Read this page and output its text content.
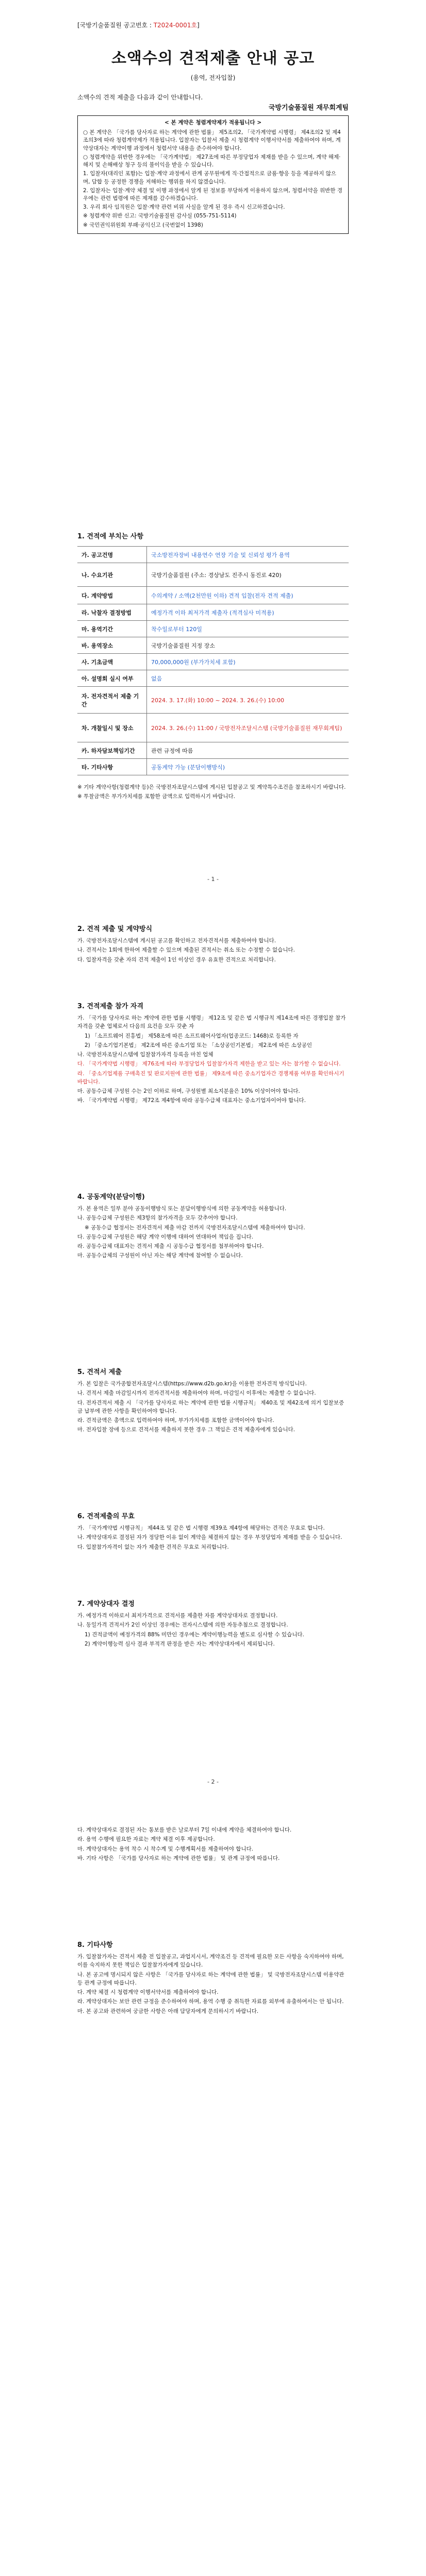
[국방기술품질원 공고번호 : T2024-0001호]
소액수의 견적제출 안내 공고
(용역, 전자입찰)
소액수의 견적 제출을 다음과 같이 안내합니다.
국방기술품질원 재무회계팀
< 본 계약은 청렴계약제가 적용됩니다 >
○ 본 계약은 「국가를 당사자로 하는 계약에 관한 법률」 제5조의2, 「국가계약법 시행령」 제4조의2 및 제4조의3에 따라 청렴계약제가 적용됩니다. 입찰자는 입찰서 제출 시 청렴계약 이행서약서를 제출하여야 하며, 계약상대자는 계약이행 과정에서 청렴서약 내용을 준수하여야 합니다.
○ 청렴계약을 위반한 경우에는 「국가계약법」 제27조에 따른 부정당업자 제재를 받을 수 있으며, 계약 해제·해지 및 손해배상 청구 등의 불이익을 받을 수 있습니다.
1. 입찰자(대리인 포함)는 입찰·계약 과정에서 관계 공무원에게 직·간접적으로 금품·향응 등을 제공하지 않으며, 담합 등 공정한 경쟁을 저해하는 행위를 하지 않겠습니다.
2. 입찰자는 입찰·계약 체결 및 이행 과정에서 알게 된 정보를 부당하게 이용하지 않으며, 청렴서약을 위반한 경우에는 관련 법령에 따른 제재를 감수하겠습니다.
3. 우리 회사 임직원은 입찰·계약 관련 비위 사실을 알게 된 경우 즉시 신고하겠습니다.
※ 청렴계약 위반 신고: 국방기술품질원 감사실 (055-751-5114)
※ 국민권익위원회 부패·공익신고 (국번없이 1398)
1. 견적에 부치는 사항
가. 공고건명	국소방전자장비 내용연수 연장 기술 및 신뢰성 평가 용역
나. 수요기관	국방기술품질원 (주소: 경상남도 진주시 동진로 420)
다. 계약방법	수의계약 / 소액(2천만원 이하) 견적 입찰(전자 견적 제출)
라. 낙찰자 결정방법	예정가격 이하 최저가격 제출자 (적격심사 미적용)
마. 용역기간	착수일로부터 120일
바. 용역장소	국방기술품질원 지정 장소
사. 기초금액	70,000,000원 (부가가치세 포함)
아. 설명회 실시 여부	없음
자. 전자견적서 제출 기간	2024. 3. 17.(화) 10:00 ~ 2024. 3. 26.(수) 10:00
차. 개찰일시 및 장소	2024. 3. 26.(수) 11:00 / 국방전자조달시스템 (국방기술품질원 재무회계팀)
카. 하자담보책임기간	관련 규정에 따름
타. 기타사항	공동계약 가능 (분담이행방식)

※ 기타 계약사항(청렴계약 등)은 국방전자조달시스템에 게시된 입찰공고 및 계약특수조건을 참조하시기 바랍니다.

※ 투찰금액은 부가가치세를 포함한 금액으로 입력하시기 바랍니다.

- 1 -
2. 견적 제출 및 계약방식

가. 국방전자조달시스템에 게시된 공고를 확인하고 전자견적서를 제출하여야 합니다.

나. 견적서는 1회에 한하여 제출할 수 있으며 제출된 견적서는 취소 또는 수정할 수 없습니다.

다. 입찰자격을 갖춘 자의 견적 제출이 1인 이상인 경우 유효한 견적으로 처리합니다.

3. 견적제출 참가 자격

가. 「국가를 당사자로 하는 계약에 관한 법률 시행령」 제12조 및 같은 법 시행규칙 제14조에 따른 경쟁입찰 참가자격을 갖춘 업체로서 다음의 요건을 모두 갖춘 자

1) 「소프트웨어 진흥법」 제58조에 따른 소프트웨어사업자(업종코드: 1468)로 등록한 자

2) 「중소기업기본법」 제2조에 따른 중소기업 또는 「소상공인기본법」 제2조에 따른 소상공인

나. 국방전자조달시스템에 입찰참가자격 등록을 마친 업체

다. 「국가계약법 시행령」 제76조에 따라 부정당업자 입찰참가자격 제한을 받고 있는 자는 참가할 수 없습니다.

라. 「중소기업제품 구매촉진 및 판로지원에 관한 법률」 제9조에 따른 중소기업자간 경쟁제품 여부를 확인하시기 바랍니다.

마. 공동수급체 구성원 수는 2인 이하로 하며, 구성원별 최소지분율은 10% 이상이어야 합니다.

바. 「국가계약법 시행령」 제72조 제4항에 따라 공동수급체 대표자는 중소기업자이어야 합니다.

4. 공동계약(분담이행)

가. 본 용역은 일부 분야 공동이행방식 또는 분담이행방식에 의한 공동계약을 허용합니다.

나. 공동수급체 구성원은 제3항의 참가자격을 모두 갖추어야 합니다.

※ 공동수급 협정서는 전자견적서 제출 마감 전까지 국방전자조달시스템에 제출하여야 합니다.

다. 공동수급체 구성원은 해당 계약 이행에 대하여 연대하여 책임을 집니다.

라. 공동수급체 대표자는 견적서 제출 시 공동수급 협정서를 첨부하여야 합니다.

마. 공동수급체의 구성원이 아닌 자는 해당 계약에 참여할 수 없습니다.

5. 견적서 제출

가. 본 입찰은 국가종합전자조달시스템(https://www.d2b.go.kr)을 이용한 전자견적 방식입니다.

나. 견적서 제출 마감일시까지 전자견적서를 제출하여야 하며, 마감일시 이후에는 제출할 수 없습니다.

다. 전자견적서 제출 시 「국가를 당사자로 하는 계약에 관한 법률 시행규칙」 제40조 및 제42조에 의거 입찰보증금 납부에 관한 사항을 확인하여야 합니다.

라. 견적금액은 총액으로 입력하여야 하며, 부가가치세를 포함한 금액이어야 합니다.

마. 전자입찰 장애 등으로 견적서를 제출하지 못한 경우 그 책임은 견적 제출자에게 있습니다.

6. 견적제출의 무효

가. 「국가계약법 시행규칙」 제44조 및 같은 법 시행령 제39조 제4항에 해당하는 견적은 무효로 합니다.

나. 계약상대자로 결정된 자가 정당한 이유 없이 계약을 체결하지 않는 경우 부정당업자 제재를 받을 수 있습니다.

다. 입찰참가자격이 없는 자가 제출한 견적은 무효로 처리합니다.

7. 계약상대자 결정

가. 예정가격 이하로서 최저가격으로 견적서를 제출한 자를 계약상대자로 결정합니다.

나. 동일가격 견적서가 2인 이상인 경우에는 전자시스템에 의한 자동추첨으로 결정합니다.

1) 견적금액이 예정가격의 88% 미만인 경우에는 계약이행능력을 별도로 심사할 수 있습니다.

2) 계약이행능력 심사 결과 부적격 판정을 받은 자는 계약상대자에서 제외됩니다.

- 2 -

다. 계약상대자로 결정된 자는 통보를 받은 날로부터 7일 이내에 계약을 체결하여야 합니다.

라. 용역 수행에 필요한 자료는 계약 체결 이후 제공합니다.

마. 계약상대자는 용역 착수 시 착수계 및 수행계획서를 제출하여야 합니다.

바. 기타 사항은 「국가를 당사자로 하는 계약에 관한 법률」 및 관계 규정에 따릅니다.

8. 기타사항

가. 입찰참가자는 견적서 제출 전 입찰공고, 과업지시서, 계약조건 등 견적에 필요한 모든 사항을 숙지하여야 하며, 이를 숙지하지 못한 책임은 입찰참가자에게 있습니다.

나. 본 공고에 명시되지 않은 사항은 「국가를 당사자로 하는 계약에 관한 법률」 및 국방전자조달시스템 이용약관 등 관계 규정에 따릅니다.

다. 계약 체결 시 청렴계약 이행서약서를 제출하여야 합니다.

라. 계약상대자는 보안 관련 규정을 준수하여야 하며, 용역 수행 중 취득한 자료를 외부에 유출하여서는 안 됩니다.

마. 본 공고와 관련하여 궁금한 사항은 아래 담당자에게 문의하시기 바랍니다.
